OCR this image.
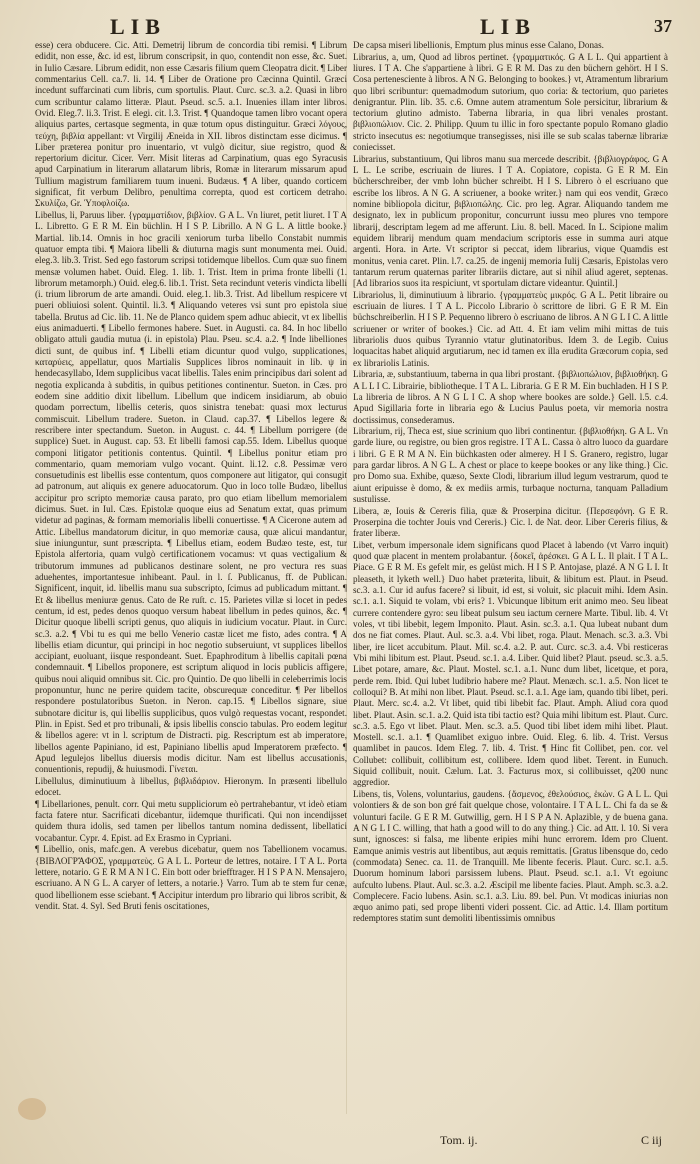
LIB	LIB	37

esse) cera obducere. Cic. Atti. Demetrij librum de concordia tibi remisi. ¶ Librum edidit, non esse, &c. id est, librum conscripsit, in quo, contendit non esse, &c. Suet. in Iulio Cæsare. Librum edidit, non esse Cæsaris filium quem Cleopatra dicit. ¶ Liber commentarius Cell. ca.7. li. 14. ¶ Liber de Oratione pro Cæcinna Quintil. Græci incedunt suffarcinati cum libris, cum sportulis. Plaut. Curc. sc.3. a.2. Quasi in libro cum scribuntur calamo litteræ. Plaut. Pseud. sc.5. a.1. Inuenies illam inter libros. Ovid. Eleg.7. li.3. Trist. E elegi. cit. l.3. Trist. ¶ Quandoque tamen libro vocant opera aliquius partes, certasque segmenta, in quæ totum opus distinguitur. Græci λόγους, τεύχη, βιβλία appellant: vt Virgilij Æneida in XII. libros distinctam esse dicimus. ¶ Liber præterea ponitur pro inuentario, vt vulgò dicitur, siue registro, quod & repertorium dicitur. Cicer. Verr. Misit literas ad Carpinatium, quas ego Syracusis apud Carpinatium in literarum allatarum libris, Romæ in literarum missarum apud Tullium magistrum familiarem tuum inueni. Budæus. ¶ A liber, quando corticem significat, fit verbum Delibro, penultima correpta, quod est corticem detraho. Σκυλίζω, Gr. Ὑποφλοίζω.

Libellus, li, Paruus liber. {γραμματίδιον, βιβλίον. G A L. Vn liuret, petit liuret. I T A L. Libretto. G E R M. Ein büchlin. H I S P. Librillo. A N G L. A little booke.} Martial. lib.14. Omnis in hoc gracili xeniorum turba libello Constabit nummis quatuor empta tibi. ¶ Maiora libelli & diuturna magis sunt monumenta mei. Ouid. eleg.3. lib.3. Trist. Sed ego fastorum scripsi totidemque libellos. Cum quæ suo finem mensæ volumen habet. Ouid. Eleg. 1. lib. 1. Trist. Item in prima fronte libelli (1. librorum metamorph.) Ouid. eleg.6. lib.1. Trist. Seta recindunt veteris vindicta libelli (i. trium librorum de arte amandi. Ouid. eleg.1. lib.3. Trist. Ad libellum respicere vt pueri obliuiosi solent. Quintil. li.3. ¶ Aliquando veteres vsi sunt pro epistola siue tabella. Brutus ad Cic. lib. 11. Ne de Planco quidem spem adhuc abiecit, vt ex libellis eius animaduerti. ¶ Libello fermones habere. Suet. in Augusti. ca. 84. In hoc libello obligato attuli gaudia mutua (i. in epistola) Plau. Pseu. sc.4. a.2. ¶ Inde libelliones dicti sunt, de quibus inf. ¶ Libelli etiam dicuntur quod vulgo, supplicationes, κατα̣ρύεις, appellatur, quos Martialis Supplices libros nominauit in lib. ψ in hendecasyllabo, Idem supplicibus vacat libellis. Tales enim principibus dari solent ad negotia explicanda à subditis, in quibus petitiones continentur. Sueton. in Cæs. pro eodem sine additio dixit libellum. Libellum que indicem insidiarum, ab obuio quodam porrectum, libellis ceteris, quos sinistra tenebat: quasi mox lecturus commiscuit. Libellum tradere. Sueton. in Claud. cap.37. ¶ Libellos legere & rescribere inter spectandum. Sueton. in August. c. 44. ¶ Libellum porrigere (de supplice) Suet. in August. cap. 53. Et libelli famosi cap.55. Idem. Libellus quoque componi litigator petitionis contentus. Quintil. ¶ Libellus ponitur etiam pro commentario, quam memoriam vulgo vocant. Quint. li.12. c.8. Pessimæ vero consuetudinis est libellis esse contentum, quos componere aut litigator, qui consugit ad patronum, aut aliquis ex genere aduocatorum. Quo in loco tolle Budæo, libellus accipitur pro scripto memoriæ causa parato, pro quo etiam libellum memorialem dicimus. Suet. in Iul. Cæs. Epistolæ quoque eius ad Senatum extat, quas primum videtur ad paginas, & formam memorialis libelli conuertisse. ¶ A Cicerone autem ad Attic. Libellus mandatorum dicitur, in quo memoriæ causa, quæ alicui mandantur, siue iniunguntur, sunt præscripta. ¶ Libellus etiam, eodem Budæo teste, est, tur Epistola alfertoria, quam vulgò certificationem vocamus: vt quas vectigalium & tributorum immunes ad publicanos destinare solent, ne pro vectura res suas aduehentes, importantesue inhibeant. Paul. in l. ſ. Publicanus, ff. de Publican. Significent, inquit, id. libellis manu sua subscripto, ſcimus ad publicadum mittant. ¶ Et & libellus meniuræ genus. Cato de Re ruſt. c. 15. Parietes villæ si locet in pedes centum, id est, pedes denos quoquo versum habeat libellum in pedes quinos, &c. ¶ Dicitur quoque libelli scripti genus, quo aliquis in iudicium vocatur. Plaut. in Curc. sc.3. a.2. ¶ Vbi tu es qui me bello Venerio castæ licet me fisto, ades contra. ¶ A libellis etiam dicuntur, qui principi in hoc negotio subseruiunt, vt supplices libellos accipiant, euoluant, iisque respondeant. Suet. Epaphroditum à libellis capitali pœna condemnauit. ¶ Libellos proponere, est scriptum aliquod in locis publicis affigere, quibus noui aliquid omnibus sit. Cic. pro Quintio. De quo libelli in celeberrimis locis proponuntur, hunc ne perire quidem tacite, obscurequæ conceditur. ¶ Per libellos respondere postulatoribus Sueton. in Neron. cap.15. ¶ Libellos signare, siue subnotare dicitur is, qui libellis supplicibus, quos vulgò requestas vocant, respondet. Plin. in Epist. Sed et pro tribunali, & ipsis libellis conscio tabulas. Pro eodem legitur & libellos agere: vt in l. scriptum de Distracti. pig. Rescriptum est ab imperatore, libellos agente Papiniano, id est, Papiniano libellis apud Imperatorem præfecto. ¶ Apud legulejos libellus diuersis modis dicitur. Nam est libellus accusationis, conuentionis, repudij, & huiusmodi. Γίνεται.

Libellulus, diminutiuum à libellus, βιβλιδάριον. Hieronym. In præsenti libellulo edocet.

¶ Libellariones, penult. corr. Qui metu suppliciorum eò pertrahebantur, vt ideò etiam facta fatere ntur. Sacrificati dicebantur, iidemque thurificati. Qui non incendijsset quidem thura idolis, sed tamen per libellos tantum nomina dedissent, libellatici vocabantur. Cypr. 4. Epist. ad Ex Erasmo in Cypriani.

¶ Libellio, onis, mafc.gen. A verebus dicebatur, quem nos Tabellionem vocamus. {ΒΙΒΛΟΓΡἌΦΟΣ, γραμματεὺς. G A L L. Porteur de lettres, notaire. I T A L. Porta lettere, notario. G E R M A N I C. Ein bott oder briefftrager. H I S P A N. Mensajero, escriuano. A N G L. A caryer of letters, a notarie.} Varro. Tum ab te stem fur cenæ, quod libellionem esse sciebant. ¶ Accipitur interdum pro librario qui libros scribit, & vendit. Stat. 4. Syl. Sed Bruti fenis oscitationes,

De capsa miseri libellionis, Emptum plus minus esse Calano, Donas.

Librarius, a, um, Quod ad libros pertinet. {γραμματικός. G A L L. Qui appartient à liures. I T A. Che s'appartiene à libri. G E R M. Das zu den büchern gehört. H I S. Cosa pertenesciente à libros. A N G. Belonging to bookes.} vt, Atramentum librarium quo libri scribuntur: quemadmodum sutorium, quo coria: & tectorium, quo parietes denigrantur. Plin. lib. 35. c.6. Omne autem atramentum Sole persicitur, librarium & tectorium glutino admisto. Taberna libraria, in qua libri venales prostant. βιβλιοπώλιον. Cic. 2. Philipp. Quum tu illic in foro spectante populo Romano gladio stricto insecutus es: negotiumque transegisses, nisi ille se sub scalas tabernæ librariæ coniecisset.

Librarius, substantiuum, Qui libros manu sua mercede describit. {βιβλιογράφος. G A L L. Le scribe, escriuain de liures. I T A. Copiatore, copista. G E R M. Ein bücherschreiber, der vmb lohn bücher schreibt. H I S. Librero ò el escriuano que escribe los libros. A N G. A scriuener, a booke writer.} nam qui eos vendit, Græco nomine bibliopola dicitur, βιβλιοπώλης. Cic. pro leg. Agrar. Aliquando tandem me designato, lex in publicum proponitur, concurrunt iussu meo plures vno tempore librarij, descriptam legem ad me afferunt. Liu. 8. bell. Maced. In L. Scipione malim equidem librarij mendum quam mendacium scriptoris esse in summa auri atque argenti. Hora. in Arte. Vt scriptor si peccat, idem librarius, vique Quamdis est monitus, venia caret. Plin. l.7. ca.25. de ingenij memoria Iulij Cæsaris, Epistolas vero tantarum rerum quaternas pariter librariis dictare, aut si nihil aliud ageret, septenas. [Ad librarios suos ita respiciunt, vt sportulam dictare videantur. Quintil.]

Librariolus, li, diminutiuum à librario. {γραμματεὺς μικρός. G A L. Petit libraire ou escriuain de liures. I T A L. Piccolo Librario ò scrittore de libri. G E R M. Ein büchschreiberlin. H I S P. Pequenno librero ò escriuano de libros. A N G L I C. A little scriuener or writer of bookes.} Cic. ad Att. 4. Et iam velim mihi mittas de tuis librariolis duos quibus Tyrannio vtatur glutinatoribus. Idem 3. de Legib. Cuius loquacitas habet aliquid argutiarum, nec id tamen ex illa erudita Græcorum copia, sed ex librariolis Latinis.

Libraria, æ, substantiuum, taberna in qua libri prostant. {βιβλιοπώλιον, βιβλιοθήκη. G A L L I C. Librairie, bibliotheque. I T A L. Libraria. G E R M. Ein buchladen. H I S P. La libreria de libros. A N G L I C. A shop where bookes are solde.} Gell. l.5. c.4. Apud Sigillaria forte in libraria ego & Lucius Paulus poeta, vir memoria nostra doctissimus, consederamus.

Librarium, rij, Theca est, siue scrinium quo libri continentur. {βιβλιοθήκη. G A L. Vn garde liure, ou registre, ou bien gros registre. I T A L. Cassa ò altro luoco da guardare i libri. G E R M A N. Ein büchkasten oder almerey. H I S. Granero, registro, lugar para gardar libros. A N G L. A chest or place to keepe bookes or any like thing.} Cic. pro Domo sua. Exhibe, quæso, Sexte Clodi, librarium illud legum vestrarum, quod te aiunt eripuisse è domo, & ex mediis armis, turbaque nocturna, tanquam Palladium sustulisse.

Libera, æ, Iouis & Cereris filia, quæ & Proserpina dicitur. {Περσεφόνη. G E R. Proserpina die tochter Jouis vnd Cereris.} Cic. l. de Nat. deor. Liber Cereris filius, & frater liberæ.

Libet, verbum impersonale idem significans quod Placet à labendo (vt Varro inquit) quod quæ placent in mentem prolabantur. {δοκεῖ, ἀρέσκει. G A L L. Il plait. I T A L. Piace. G E R M. Es gefelt mir, es gelüst mich. H I S P. Antojase, plazé. A N G L I. It pleaseth, it lyketh well.} Duo habet præterita, libuit, & libitum est. Plaut. in Pseud. sc.3. a.1. Cur id aufus facere? si libuit, id est, si voluit, sic placuit mihi. Idem Asin. sc.1. a.1. Siquid te volam, vbi eris? 1. Vbicunque libitum erit animo meo. Seu libeat currere contendere gyro: seu libeat pulsum seu iactum cernere Marte. Tibul. lib. 4. Vt voles, vt tibi libebit, legem Imponito. Plaut. Asin. sc.3. a.1. Qua lubeat nubant dum dos ne fiat comes. Plaut. Aul. sc.3. a.4. Vbi libet, roga. Plaut. Menach. sc.3. a.3. Vbi liber, ire licet accubitum. Plaut. Mil. sc.4. a.2. P. aut. Curc. sc.3. a.4. Vbi resticeras Vbi mihi libitum est. Plaut. Pseud. sc.1. a.4. Liber. Quid libet? Plaut. pseud. sc.3. a.5. Libet potare, amare, &c. Plaut. Mostel. sc.1. a.1. Nunc dum libet, licetque, et pora, perde rem. Ibid. Qui lubet ludibrio habere me? Plaut. Menæch. sc.1. a.5. Non licet te colloqui? B. At mihi non libet. Plaut. Pseud. sc.1. a.1. Age iam, quando tibi libet, peri. Plaut. Merc. sc.4. a.2. Vt libet, quid tibi libebit fac. Plaut. Amph. Aliud cora quod libet. Plaut. Asin. sc.1. a.2. Quid ista tibi tactio est? Quia mihi libitum est. Plaut. Curc. sc.3. a.5. Ego vt libet. Plaut. Men. sc.3. a.5. Quod tibi libet idem mihi libet. Plaut. Mostell. sc.1. a.1. ¶ Quamlibet exiguo inbre. Ouid. Eleg. 6. lib. 4. Trist. Versus quamlibet in paucos. Idem Eleg. 7. lib. 4. Trist. ¶ Hinc fit Collibet, pen. cor. vel Collubet: collibuit, collibitum est, collibere. Idem quod libet. Terent. in Eunuch. Siquid collibuit, nouit. Cælum. Lat. 3. Facturus mox, si collibuisset, q200 nunc aggredior.

Libens, tis, Volens, voluntarius, gaudens. {ἄσμενος, ἐθελούσιος, ἑκὼν. G A L L. Qui volontiers & de son bon gré fait quelque chose, volontaire. I T A L L. Chi fa da se & volunturi facile. G E R M. Gutwillig, gern. H I S P A N. Aplazible, y de buena gana. A N G L I C. willing, that hath a good will to do any thing.} Cic. ad Att. l. 10. Si vera sunt, ignosces: si falsa, me libente eripies mihi hunc errorem. Idem pro Cluent. Eamque animis vestris aut libentibus, aut æquis remittatis. [Gratus libensque do, cedo (commodata) Senec. ca. 11. de Tranquill. Me libente feceris. Plaut. Curc. sc.1. a.5. Duorum hominum labori parsissem lubens. Plaut. Pseud. sc.1. a.1. Vt egoiunc aufculto lubens. Plaut. Aul. sc.3. a.2. Æscipil me libente facies. Plaut. Amph. sc.3. a.2. Complecere. Facio lubens. Asin. sc.1. a.3. Liu. 89. bel. Pun. Vt modicas iniurias non æquo animo pati, sed prope libenti videri possent. Cic. ad Attic. l.4. Illam portitum redemptores statim sunt demoliti libentissimis omnibus

Tom. ij.	C iij
